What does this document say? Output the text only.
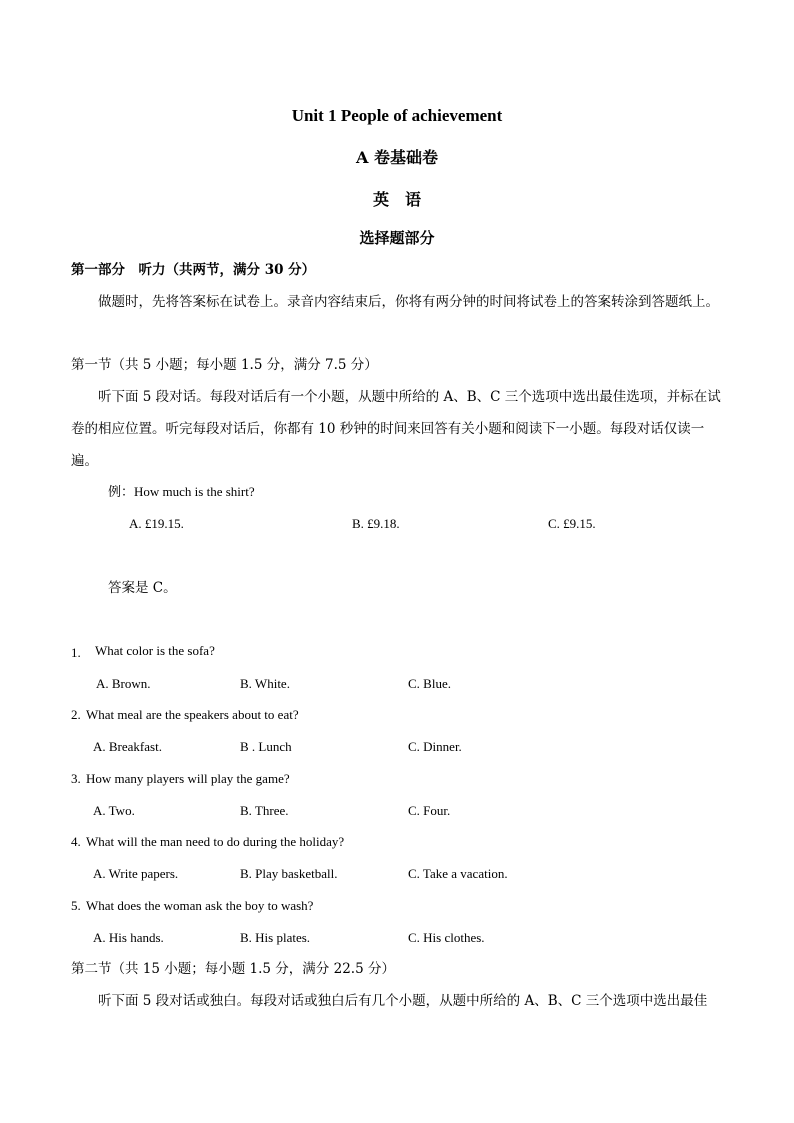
Unit 1 People of achievement
A 卷基础卷
英　语
选择题部分
第一部分　听力（共两节，满分 30 分）
做题时，先将答案标在试卷上。录音内容结束后，你将有两分钟的时间将试卷上的答案转涂到答题纸上。
第一节（共 5 小题；每小题 1.5 分，满分 7.5 分）
听下面 5 段对话。每段对话后有一个小题，从题中所给的 A、B、C 三个选项中选出最佳选项，并标在试卷的相应位置。听完每段对话后，你都有 10 秒钟的时间来回答有关小题和阅读下一小题。每段对话仅读一遍。
例：How much is the shirt?
A. £19.15.	B. £9.18.	C. £9.15.
答案是 C。
1. What color is the sofa?
A. Brown.	B. White.	C. Blue.
2. What meal are the speakers about to eat?
A. Breakfast.	B . Lunch	C. Dinner.
3. How many players will play the game?
A. Two.	B. Three.	C. Four.
4. What will the man need to do during the holiday?
A. Write papers.	B. Play basketball.	C. Take a vacation.
5. What does the woman ask the boy to wash?
A. His hands.	B. His plates.	C. His clothes.
第二节（共 15 小题；每小题 1.5 分，满分 22.5 分）
听下面 5 段对话或独白。每段对话或独白后有几个小题，从题中所给的 A、B、C 三个选项中选出最佳
